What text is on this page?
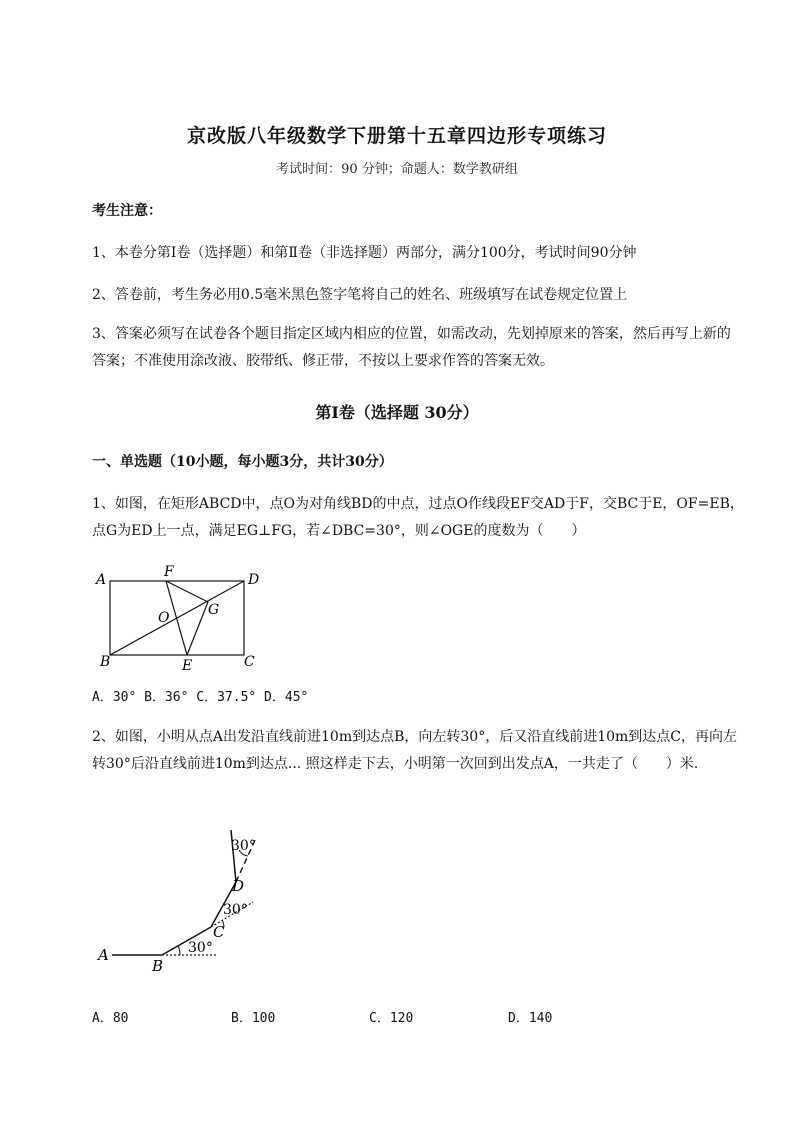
京改版八年级数学下册第十五章四边形专项练习
考试时间：90 分钟；命题人：数学教研组
考生注意：
1、本卷分第Ⅰ卷（选择题）和第Ⅱ卷（非选择题）两部分，满分100分，考试时间90分钟
2、答卷前，考生务必用0.5毫米黑色签字笔将自己的姓名、班级填写在试卷规定位置上
3、答案必须写在试卷各个题目指定区域内相应的位置，如需改动，先划掉原来的答案，然后再写上新的答案；不准使用涂改液、胶带纸、修正带，不按以上要求作答的答案无效。
第Ⅰ卷（选择题 30分）
一、单选题（10小题，每小题3分，共计30分）
1、如图，在矩形ABCD中，点O为对角线BD的中点，过点O作线段EF交AD于F，交BC于E，OF=EB，点G为ED上一点，满足EG⊥FG，若∠DBC=30°，则∠OGE的度数为（　　）
A
B	C
D
E
F
G
O
A．30° B．36° C．37.5° D．45°
2、如图，小明从点A出发沿直线前进10m到达点B，向左转30°，后又沿直线前进10m到达点C，再向左转30°后沿直线前进10m到达点... 照这样走下去，小明第一次回到出发点A，一共走了（　　）米．
A
B
C
D
30°
30°
30°
A．80	B．100	C．120	D．140
